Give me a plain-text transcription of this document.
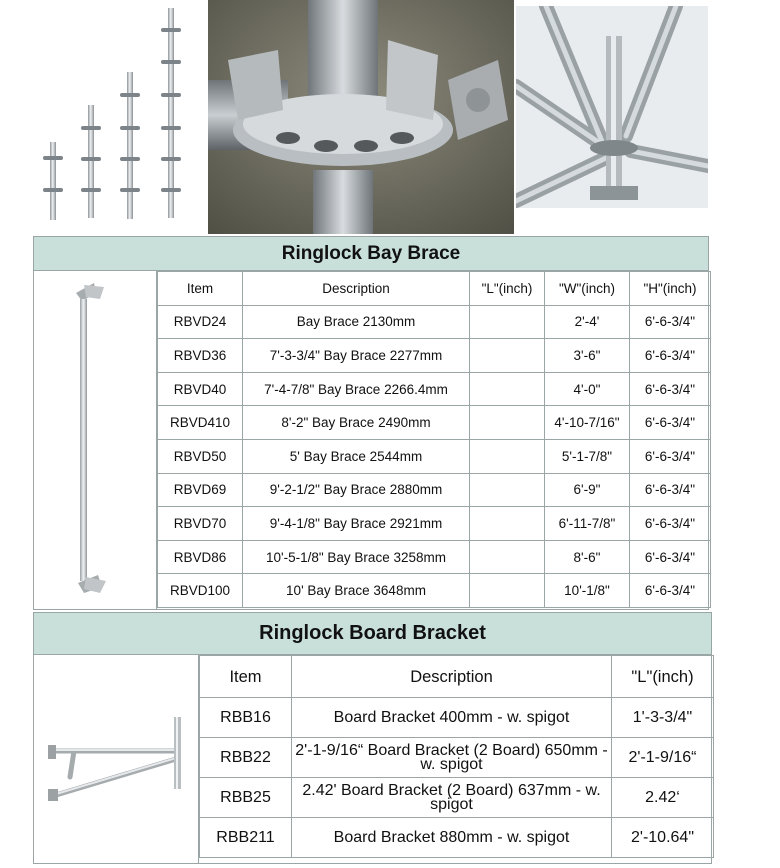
Ringlock Bay Brace
Item	Description	"L"(inch)	"W"(inch)	"H"(inch)
RBVD24	Bay Brace 2130mm		2'-4'	6'-6-3/4"
RBVD36	7'-3-3/4" Bay Brace 2277mm		3'-6"	6'-6-3/4"
RBVD40	7'-4-7/8" Bay Brace 2266.4mm		4'-0"	6'-6-3/4"
RBVD410	8'-2" Bay Brace 2490mm		4'-10-7/16"	6'-6-3/4"
RBVD50	5' Bay Brace 2544mm		5'-1-7/8"	6'-6-3/4"
RBVD69	9'-2-1/2" Bay Brace 2880mm		6'-9"	6'-6-3/4"
RBVD70	9'-4-1/8" Bay Brace 2921mm		6'-11-7/8"	6'-6-3/4"
RBVD86	10'-5-1/8" Bay Brace 3258mm		8'-6"	6'-6-3/4"
RBVD100	10' Bay Brace 3648mm		10'-1/8"	6'-6-3/4"
Ringlock Board Bracket
Item	Description	"L"(inch)
RBB16	Board Bracket 400mm - w. spigot	1'-3-3/4"
RBB22	2'-1-9/16“ Board Bracket (2 Board) 650mm - w. spigot	2'-1-9/16“
RBB25	2.42' Board Bracket (2 Board) 637mm - w. spigot	2.42‘
RBB211	Board Bracket 880mm - w. spigot	2'-10.64"
